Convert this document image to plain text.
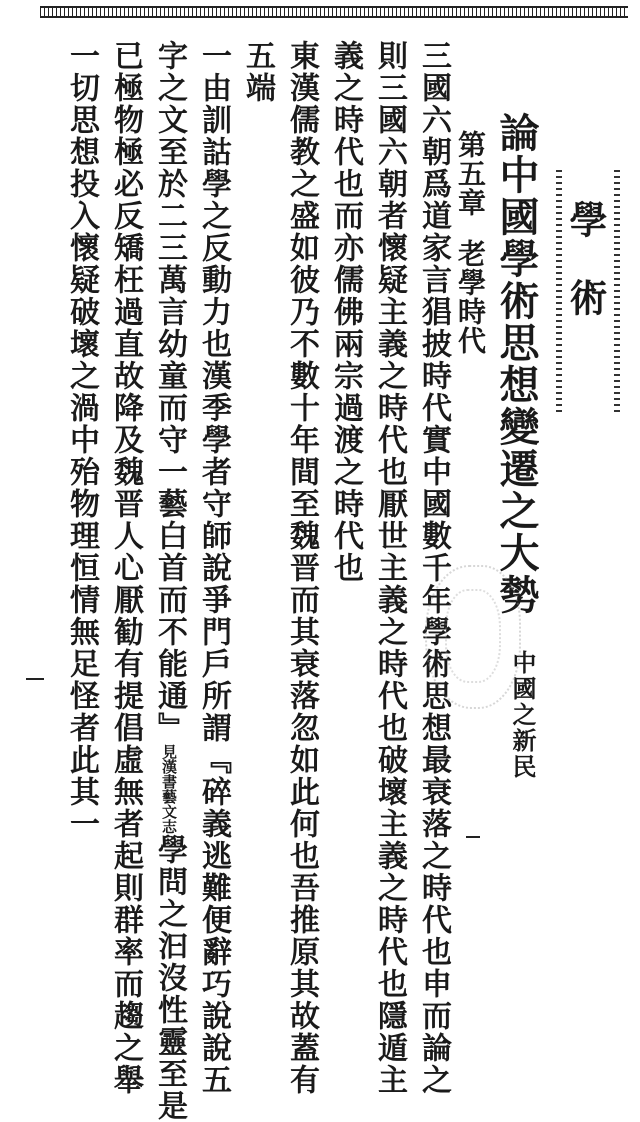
學術
論中國學術思想變遷之大勢
第五章老學時代
中國之新民
三國六朝爲道家言猖披時代實中國數千年學術思想最衰落之時代也申而論之
則三國六朝者懷疑主義之時代也厭世主義之時代也破壞主義之時代也隱遁主
義之時代也而亦儒佛兩宗過渡之時代也
東漢儒教之盛如彼乃不數十年間至魏晋而其衰落忽如此何也吾推原其故蓋有
五端
一由訓詁學之反動力也漢季學者守師說爭門戶所謂『碎義逃難便辭巧說說五
字之文至於二三萬言幼童而守一藝白首而不能通』見漢書藝文志學問之汩沒性靈至是
已極物極必反矯枉過直故降及魏晋人心厭勧有提倡虛無者起則群率而趨之舉
一切思想投入懷疑破壞之渦中殆物理恒情無足怪者此其一
